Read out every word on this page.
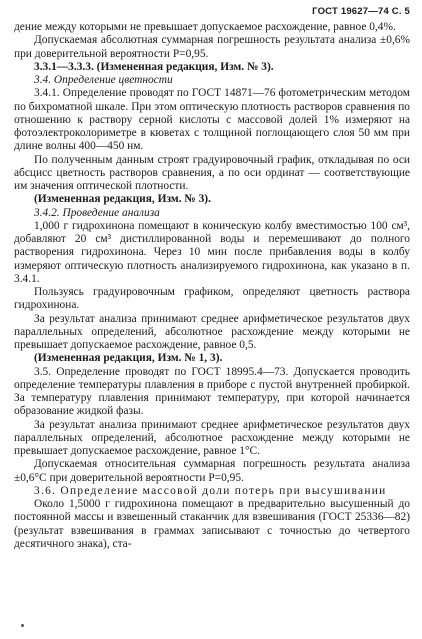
ГОСТ 19627—74 С. 5

дение между которыми не превышает допускаемое расхождение, равное 0,4%.

Допускаемая абсолютная суммарная погрешность результата анализа ±0,6% при доверительной вероятности P=0,95.

3.3.1—3.3.3. (Измененная редакция, Изм. № 3).

3.4. Определение цветности

3.4.1. Определение проводят по ГОСТ 14871—76 фотометрическим методом по бихроматной шкале. При этом оптическую плотность растворов сравнения по отношению к раствору серной кислоты с массовой долей 1% измеряют на фотоэлектроколориметре в кюветах с толщиной поглощающего слоя 50 мм при длине волны 400—450 нм.

По полученным данным строят градуировочный график, откладывая по оси абсцисс цветность растворов сравнения, а по оси ординат — соответствующие им значения оптической плотности.

(Измененная редакция, Изм. № 3).

3.4.2. Проведение анализа

1,000 г гидрохинона помещают в коническую колбу вместимостью 100 см³, добавляют 20 см³ дистиллированной воды и перемешивают до полного растворения гидрохинона. Через 10 мин после прибавления воды в колбу измеряют оптическую плотность анализируемого гидрохинона, как указано в п. 3.4.1.

Пользуясь градуировочным графиком, определяют цветность раствора гидрохинона.

За результат анализа принимают среднее арифметическое результатов двух параллельных определений, абсолютное расхождение между которыми не превышает допускаемое расхождение, равное 0,5.

(Измененная редакция, Изм. № 1, 3).

3.5. Определение проводят по ГОСТ 18995.4—73. Допускается проводить определение температуры плавления в приборе с пустой внутренней пробиркой. За температуру плавления принимают температуру, при которой начинается образование жидкой фазы.

За результат анализа принимают среднее арифметическое результатов двух параллельных определений, абсолютное расхождение между которыми не превышает допускаемое расхождение, равное 1°С.

Допускаемая относительная суммарная погрешность результата анализа ±0,6°С при доверительной вероятности P=0,95.

3.6. Определение массовой доли потерь при высушивании

Около 1,5000 г гидрохинона помещают в предварительно высушенный до постоянной массы и взвешенный стаканчик для взвешивания (ГОСТ 25336—82) (результат взвешивания в граммах записывают с точностью до четвертого десятичного знака), ста-
